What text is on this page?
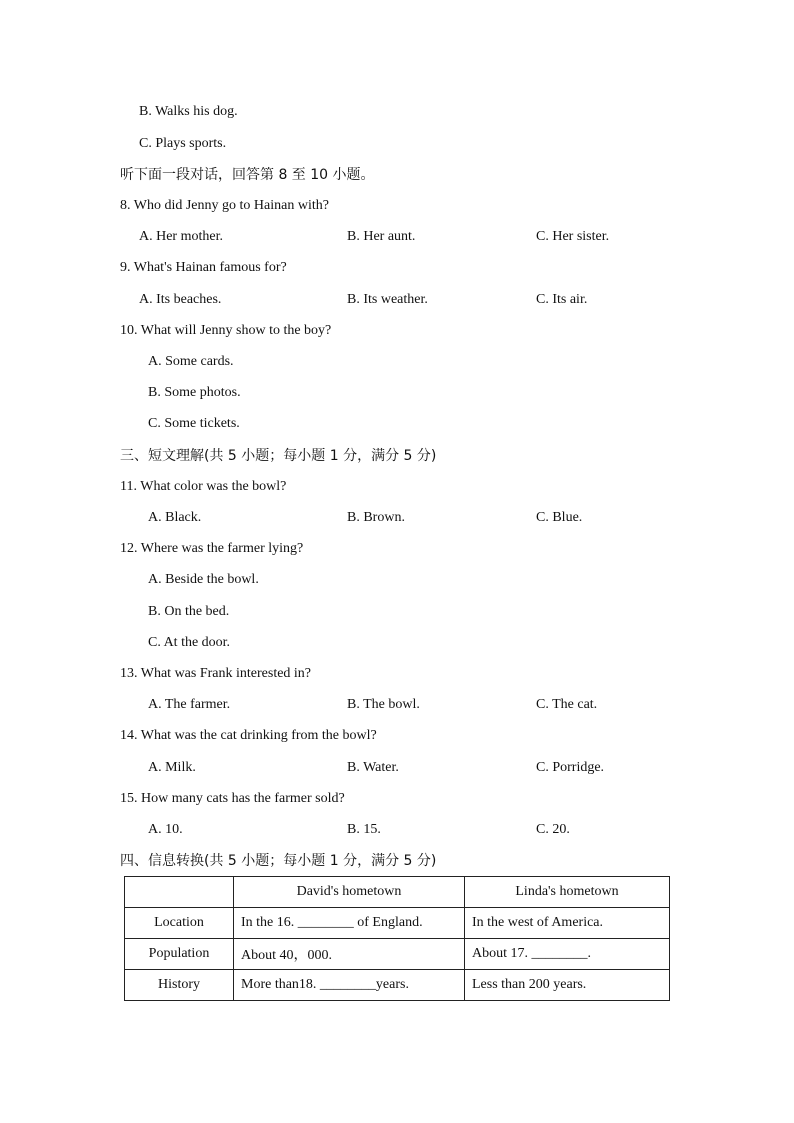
B. Walks his dog.
C. Plays sports.
听下面一段对话，回答第 8 至 10 小题。
8. Who did Jenny go to Hainan with?
A. Her mother.	B. Her aunt.	C. Her sister.
9. What's Hainan famous for?
A. Its beaches.	B. Its weather.	C. Its air.
10. What will Jenny show to the boy?
A. Some cards.
B. Some photos.
C. Some tickets.
三、短文理解(共 5 小题；每小题 1 分，满分 5 分)
11. What color was the bowl?
A. Black.	B. Brown.	C. Blue.
12. Where was the farmer lying?
A. Beside the bowl.
B. On the bed.
C. At the door.
13. What was Frank interested in?
A. The farmer.	B. The bowl.	C. The cat.
14. What was the cat drinking from the bowl?
A. Milk.	B. Water.	C. Porridge.
15. How many cats has the farmer sold?
A. 10.	B. 15.	C. 20.
四、信息转换(共 5 小题；每小题 1 分，满分 5 分)
	David's hometown	Linda's hometown
Location	In the 16. ________ of England.	In the west of America.
Population	About 40，000.	About 17. ________.
History	More than18. ________years.	Less than 200 years.
